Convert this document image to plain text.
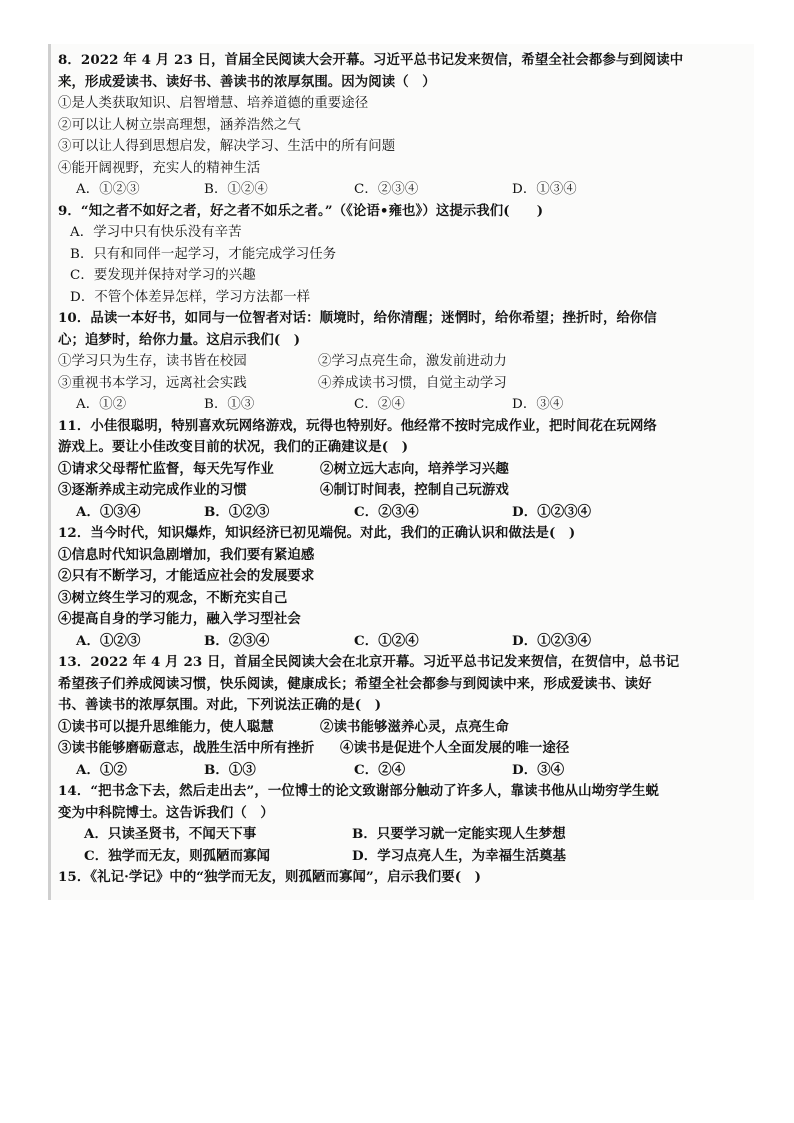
8．2022 年 4 月 23 日，首届全民阅读大会开幕。习近平总书记发来贺信，希望全社会都参与到阅读中
来，形成爱读书、读好书、善读书的浓厚氛围。因为阅读（　）
①是人类获取知识、启智增慧、培养道德的重要途径
②可以让人树立崇高理想，涵养浩然之气
③可以让人得到思想启发，解决学习、生活中的所有问题
④能开阔视野，充实人的精神生活
A．①②③	B．①②④	C．②③④	D．①③④
9．“知之者不如好之者，好之者不如乐之者。”（《论语•雍也》）这提示我们(　　)
A．学习中只有快乐没有辛苦
B．只有和同伴一起学习，才能完成学习任务
C．要发现并保持对学习的兴趣
D．不管个体差异怎样，学习方法都一样
10．品读一本好书，如同与一位智者对话：顺境时，给你清醒；迷惘时，给你希望；挫折时，给你信
心；追梦时，给你力量。这启示我们(　)
①学习只为生存，读书皆在校园	②学习点亮生命，激发前进动力
③重视书本学习，远离社会实践	④养成读书习惯，自觉主动学习
A．①②	B．①③	C．②④	D．③④
11．小佳很聪明，特别喜欢玩网络游戏，玩得也特别好。他经常不按时完成作业，把时间花在玩网络
游戏上。要让小佳改变目前的状况，我们的正确建议是(　)
①请求父母帮忙监督，每天先写作业	②树立远大志向，培养学习兴趣
③逐渐养成主动完成作业的习惯	④制订时间表，控制自己玩游戏
A．①③④	B．①②③	C．②③④	D．①②③④
12．当今时代，知识爆炸，知识经济已初见端倪。对此，我们的正确认识和做法是(　)
①信息时代知识急剧增加，我们要有紧迫感
②只有不断学习，才能适应社会的发展要求
③树立终生学习的观念，不断充实自己
④提高自身的学习能力，融入学习型社会
A．①②③	B．②③④	C．①②④	D．①②③④
13．2022 年 4 月 23 日，首届全民阅读大会在北京开幕。习近平总书记发来贺信，在贺信中，总书记
希望孩子们养成阅读习惯，快乐阅读，健康成长；希望全社会都参与到阅读中来，形成爱读书、读好
书、善读书的浓厚氛围。对此，下列说法正确的是(　)
①读书可以提升思维能力，使人聪慧	②读书能够滋养心灵，点亮生命
③读书能够磨砺意志，战胜生活中所有挫折 ④读书是促进个人全面发展的唯一途径
A．①②	B．①③	C．②④	D．③④
14．“把书念下去，然后走出去”，一位博士的论文致谢部分触动了许多人，靠读书他从山坳穷学生蜕
变为中科院博士。这告诉我们（　）
A．只读圣贤书，不闻天下事	B．只要学习就一定能实现人生梦想
C．独学而无友，则孤陋而寡闻	D．学习点亮人生，为幸福生活奠基
15．《礼记·学记》中的“独学而无友，则孤陋而寡闻”，启示我们要(　)
